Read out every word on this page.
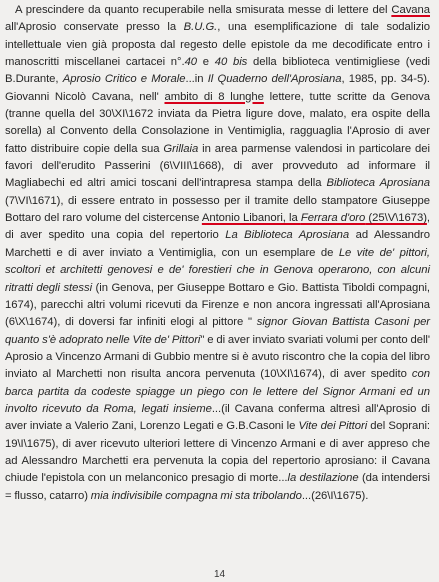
A prescindere da quanto recuperabile nella smisurata messe di lettere del Cavana all'Aprosio conservate presso la B.U.G., una esemplificazione di tale sodalizio intellettuale vien già proposta dal regesto delle epistole da me decodificate entro i manoscritti miscellanei cartacei n°.40 e 40 bis della biblioteca ventimigliese (vedi B.Durante, Aprosio Critico e Morale...in Il Quaderno dell'Aprosiana, 1985, pp. 34-5). Giovanni Nicolò Cavana, nell' ambito di 8 lunghe lettere, tutte scritte da Genova (tranne quella del 30\XI\1672 inviata da Pietra ligure dove, malato, era ospite della sorella) al Convento della Consolazione in Ventimiglia, ragguaglia l'Aprosio di aver fatto distribuire copie della sua Grillaia in area parmense valendosi in particolare dei favori dell'erudito Passerini (6\VIII\1668), di aver provveduto ad informare il Magliabechi ed altri amici toscani dell'intrapresa stampa della Biblioteca Aprosiana (7\VI\1671), di essere entrato in possesso per il tramite dello stampatore Giuseppe Bottaro del raro volume del cistercense Antonio Libanori, la Ferrara d'oro (25\V\1673), di aver spedito una copia del repertorio La Biblioteca Aprosiana ad Alessandro Marchetti e di aver inviato a Ventimiglia, con un esemplare de Le vite de' pittori, scoltori et architetti genovesi e de' forestieri che in Genova operarono, con alcuni ritratti degli stessi (in Genova, per Giuseppe Bottaro e Gio. Battista Tiboldi compagni, 1674), parecchi altri volumi ricevuti da Firenze e non ancora ingressati all'Aprosiana (6\X\1674), di doversi far infiniti elogi al pittore " signor Giovan Battista Casoni per quanto s'è adoprato nelle Vite de' Pittori" e di aver inviato svariati volumi per conto dell' Aprosio a Vincenzo Armani di Gubbio mentre si è avuto riscontro che la copia del libro inviato al Marchetti non risulta ancora pervenuta (10\XI\1674), di aver spedito con barca partita da codeste spiagge un piego con le lettere del Signor Armani ed un involto ricevuto da Roma, legati insieme...(il Cavana conferma altresì all'Aprosio di aver inviate a Valerio Zani, Lorenzo Legati e G.B.Casoni le Vite dei Pittori del Soprani: 19\I\1675), di aver ricevuto ulteriori lettere di Vincenzo Armani e di aver appreso che ad Alessandro Marchetti era pervenuta la copia del repertorio aprosiano: il Cavana chiude l'epistola con un melanconico presagio di morte...la destilazione (da intendersi = flusso, catarro) mia indivisibile compagna mi sta tribolando...(26\I\1675).

14
